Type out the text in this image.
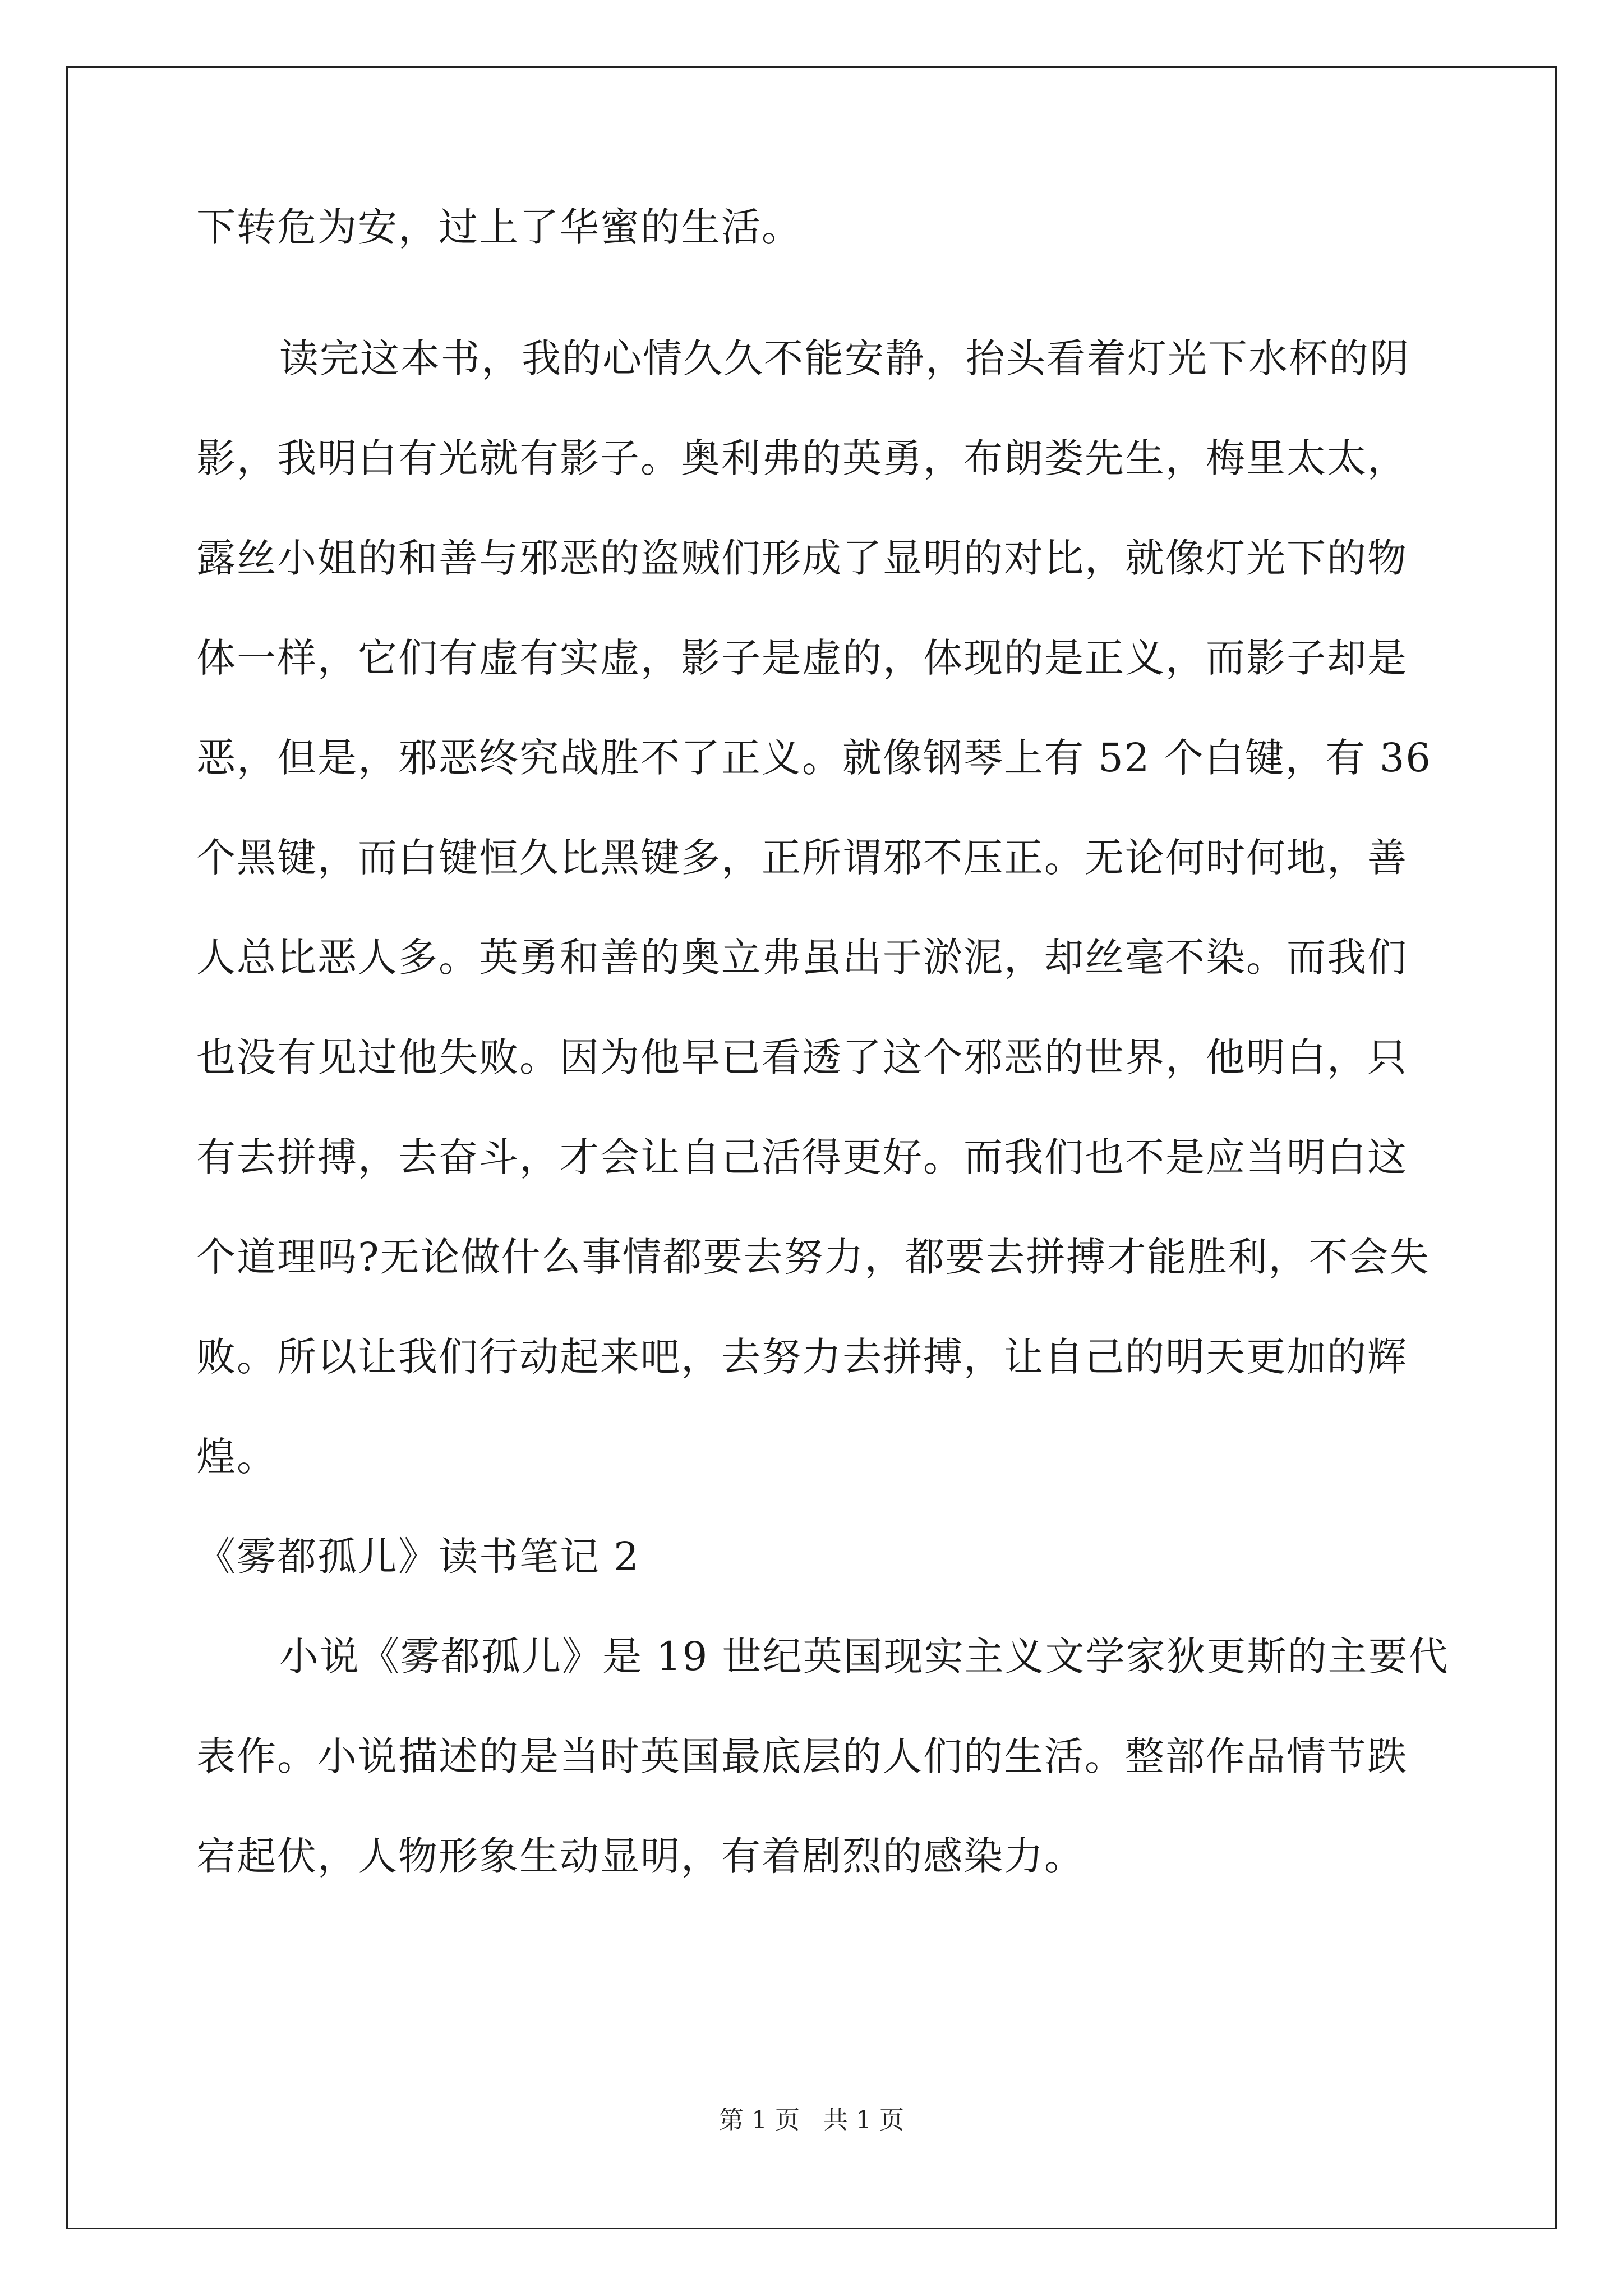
下转危为安，过上了华蜜的生活。
读完这本书，我的心情久久不能安静，抬头看着灯光下水杯的阴
影，我明白有光就有影子。奥利弗的英勇，布朗娄先生，梅里太太，
露丝小姐的和善与邪恶的盗贼们形成了显明的对比，就像灯光下的物
体一样，它们有虚有实虚，影子是虚的，体现的是正义，而影子却是
恶，但是，邪恶终究战胜不了正义。就像钢琴上有 52 个白键，有 36
个黑键，而白键恒久比黑键多，正所谓邪不压正。无论何时何地，善
人总比恶人多。英勇和善的奥立弗虽出于淤泥，却丝毫不染。而我们
也没有见过他失败。因为他早已看透了这个邪恶的世界，他明白，只
有去拼搏，去奋斗，才会让自己活得更好。而我们也不是应当明白这
个道理吗?无论做什么事情都要去努力，都要去拼搏才能胜利，不会失
败。所以让我们行动起来吧，去努力去拼搏，让自己的明天更加的辉
煌。
《雾都孤儿》读书笔记 2
小说《雾都孤儿》是 19 世纪英国现实主义文学家狄更斯的主要代
表作。小说描述的是当时英国最底层的人们的生活。整部作品情节跌
宕起伏，人物形象生动显明，有着剧烈的感染力。
第 1 页 共 1 页
